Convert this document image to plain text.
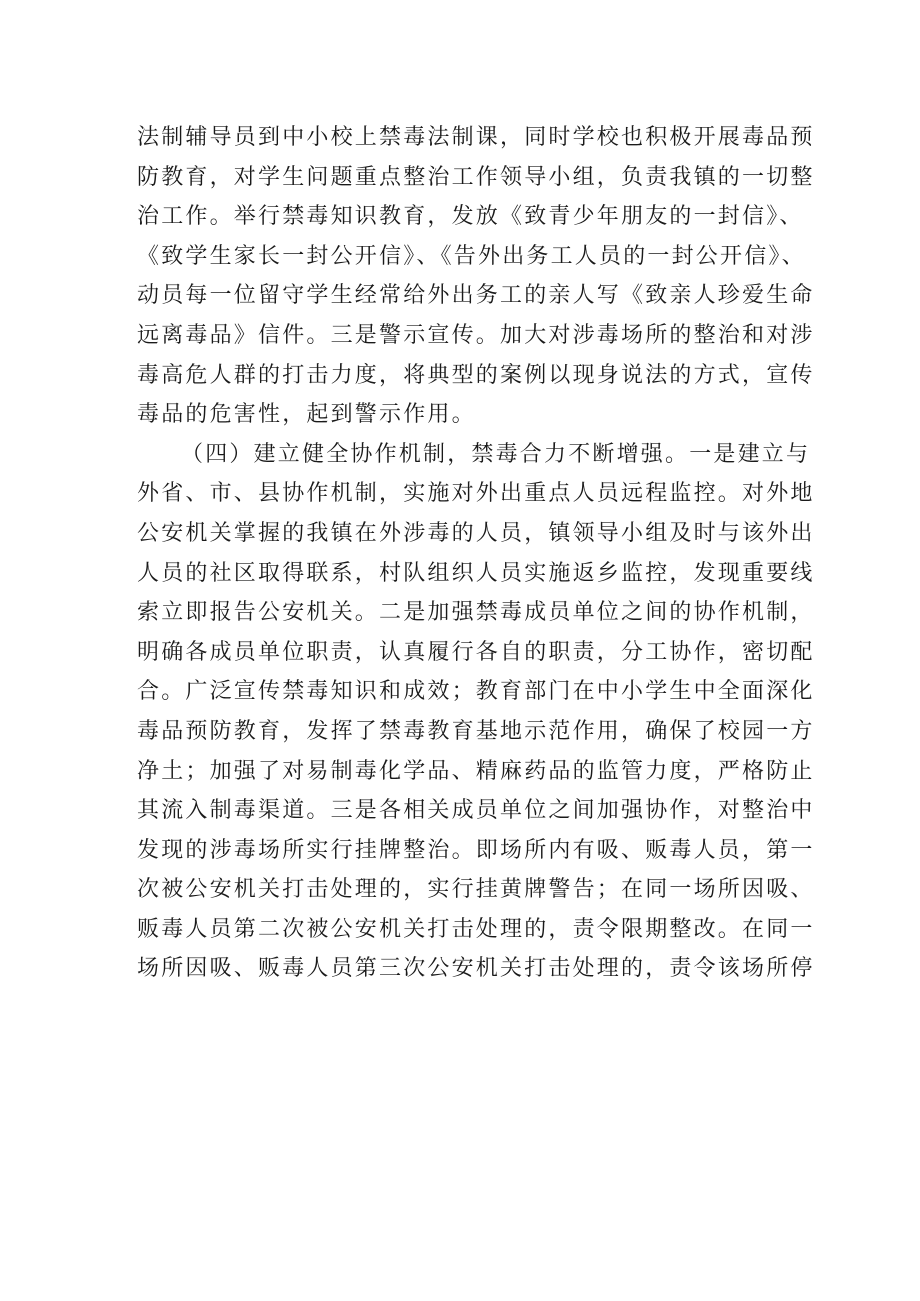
法制辅导员到中小校上禁毒法制课，同时学校也积极开展毒品预
防教育，对学生问题重点整治工作领导小组，负责我镇的一切整
治工作。举行禁毒知识教育，发放《致青少年朋友的一封信》、
《致学生家长一封公开信》、《告外出务工人员的一封公开信》、
动员每一位留守学生经常给外出务工的亲人写《致亲人珍爱生命
远离毒品》信件。三是警示宣传。加大对涉毒场所的整治和对涉
毒高危人群的打击力度，将典型的案例以现身说法的方式，宣传
毒品的危害性，起到警示作用。
（四）建立健全协作机制，禁毒合力不断增强。一是建立与
外省、市、县协作机制，实施对外出重点人员远程监控。对外地
公安机关掌握的我镇在外涉毒的人员，镇领导小组及时与该外出
人员的社区取得联系，村队组织人员实施返乡监控，发现重要线
索立即报告公安机关。二是加强禁毒成员单位之间的协作机制，
明确各成员单位职责，认真履行各自的职责，分工协作，密切配
合。广泛宣传禁毒知识和成效；教育部门在中小学生中全面深化
毒品预防教育，发挥了禁毒教育基地示范作用，确保了校园一方
净土；加强了对易制毒化学品、精麻药品的监管力度，严格防止
其流入制毒渠道。三是各相关成员单位之间加强协作，对整治中
发现的涉毒场所实行挂牌整治。即场所内有吸、贩毒人员，第一
次被公安机关打击处理的，实行挂黄牌警告；在同一场所因吸、
贩毒人员第二次被公安机关打击处理的，责令限期整改。在同一
场所因吸、贩毒人员第三次公安机关打击处理的，责令该场所停
